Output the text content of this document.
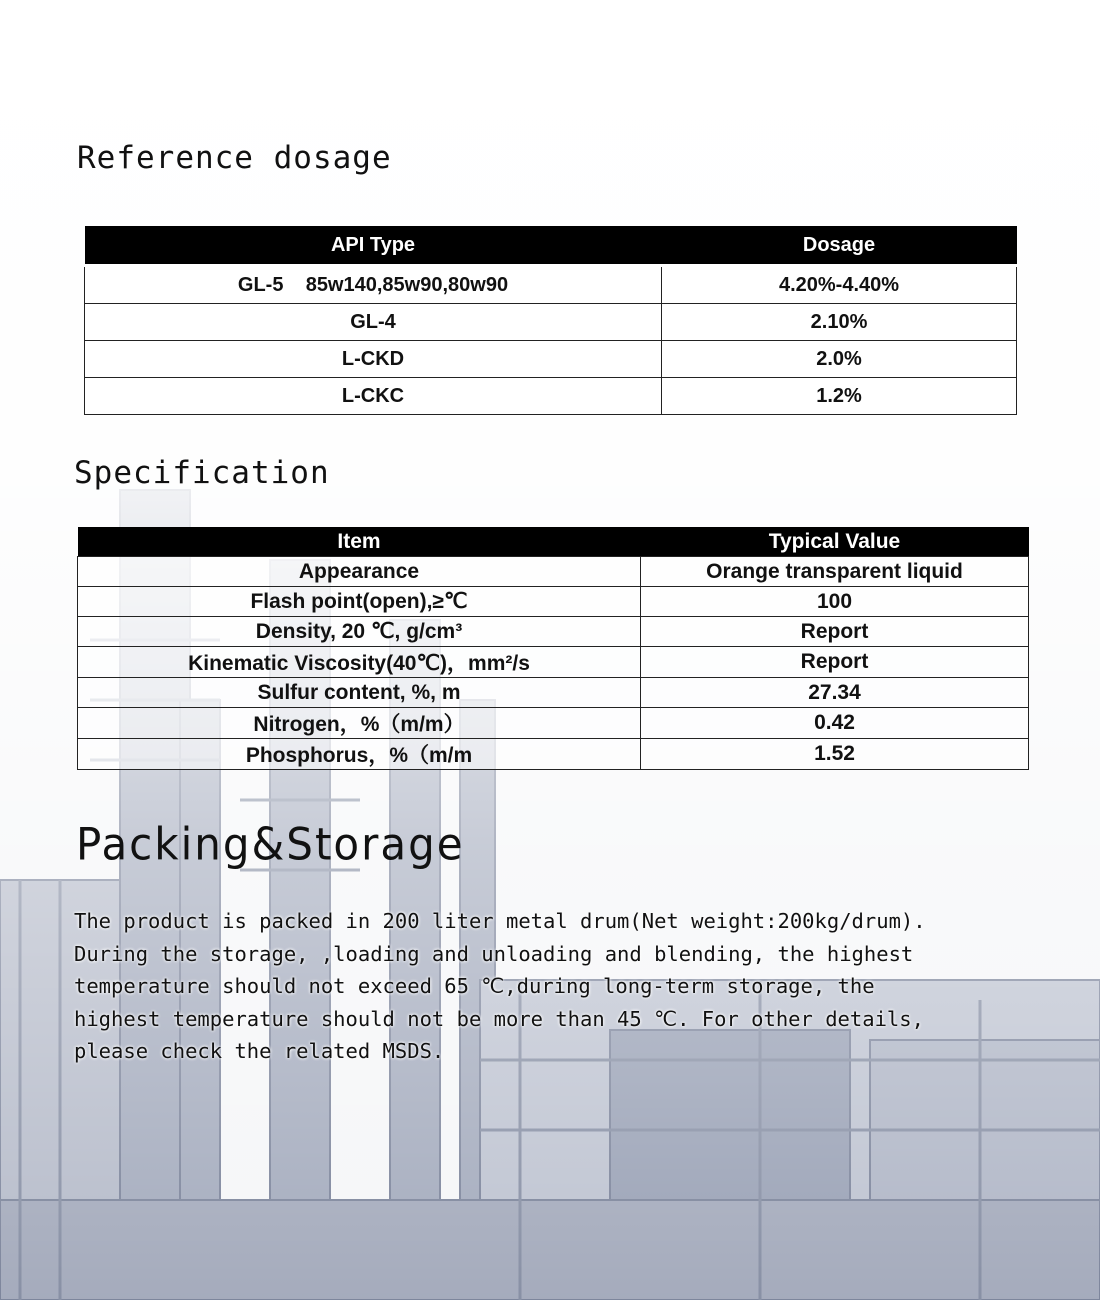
Reference dosage
API Type	Dosage
GL-5    85w140,85w90,80w90	4.20%-4.40%
GL-4	2.10%
L-CKD	2.0%
L-CKC	1.2%
Specification
Item	Typical Value
Appearance	Orange transparent liquid
Flash point(open),≥℃	100
Density, 20 ℃, g/cm³	Report
Kinematic Viscosity(40℃)，mm²/s	Report
Sulfur content, %, m	27.34
Nitrogen，%（m/m）	0.42
Phosphorus，%（m/m	1.52
Packing&Storage
The product is packed in 200 liter metal drum(Net weight:200kg/drum).
During the storage, ,loading and unloading and blending, the highest
temperature should not exceed 65 ℃,during long-term storage, the
highest temperature should not be more than 45 ℃. For other details,
please check the related MSDS.
